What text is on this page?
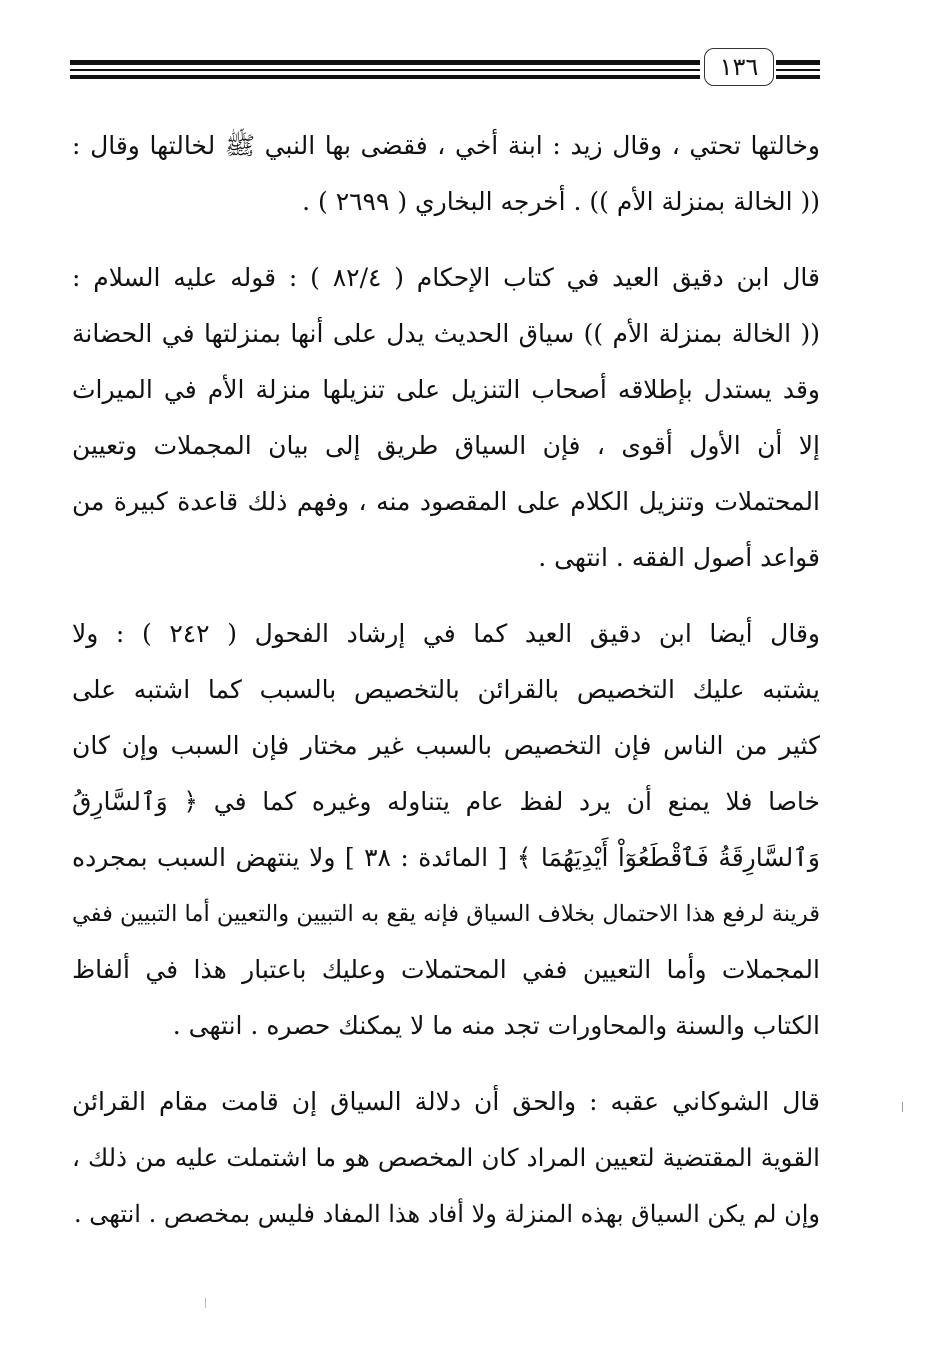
١٣٦
وخالتها تحتي ، وقال زيد : ابنة أخي ، فقضى بها النبي ﷺ لخالتها وقال :
(( الخالة بمنزلة الأم )) . أخرجه البخاري ( ٢٦٩٩ ) .
قال ابن دقيق العيد في كتاب الإحكام ( ٨٢/٤ ) : قوله عليه السلام :
(( الخالة بمنزلة الأم )) سياق الحديث يدل على أنها بمنزلتها في الحضانة
وقد يستدل بإطلاقه أصحاب التنزيل على تنزيلها منزلة الأم في الميراث
إلا أن الأول أقوى ، فإن السياق طريق إلى بيان المجملات وتعيين
المحتملات وتنزيل الكلام على المقصود منه ، وفهم ذلك قاعدة كبيرة من
قواعد أصول الفقه . انتهى .
وقال أيضا ابن دقيق العيد كما في إرشاد الفحول ( ٢٤٢ ) : ولا
يشتبه عليك التخصيص بالقرائن بالتخصيص بالسبب كما اشتبه على
كثير من الناس فإن التخصيص بالسبب غير مختار فإن السبب وإن كان
خاصا فلا يمنع أن يرد لفظ عام يتناوله وغيره كما في ﴿ وَٱلسَّارِقُ
وَٱلسَّارِقَةُ فَٱقْطَعُوٓاْ أَيْدِيَهُمَا ﴾ [ المائدة : ٣٨ ] ولا ينتهض السبب بمجرده
قرينة لرفع هذا الاحتمال بخلاف السياق فإنه يقع به التبيين والتعيين أما التبيين ففي
المجملات وأما التعيين ففي المحتملات وعليك باعتبار هذا في ألفاظ
الكتاب والسنة والمحاورات تجد منه ما لا يمكنك حصره . انتهى .
قال الشوكاني عقبه : والحق أن دلالة السياق إن قامت مقام القرائن
القوية المقتضية لتعيين المراد كان المخصص هو ما اشتملت عليه من ذلك ،
وإن لم يكن السياق بهذه المنزلة ولا أفاد هذا المفاد فليس بمخصص . انتهى .
